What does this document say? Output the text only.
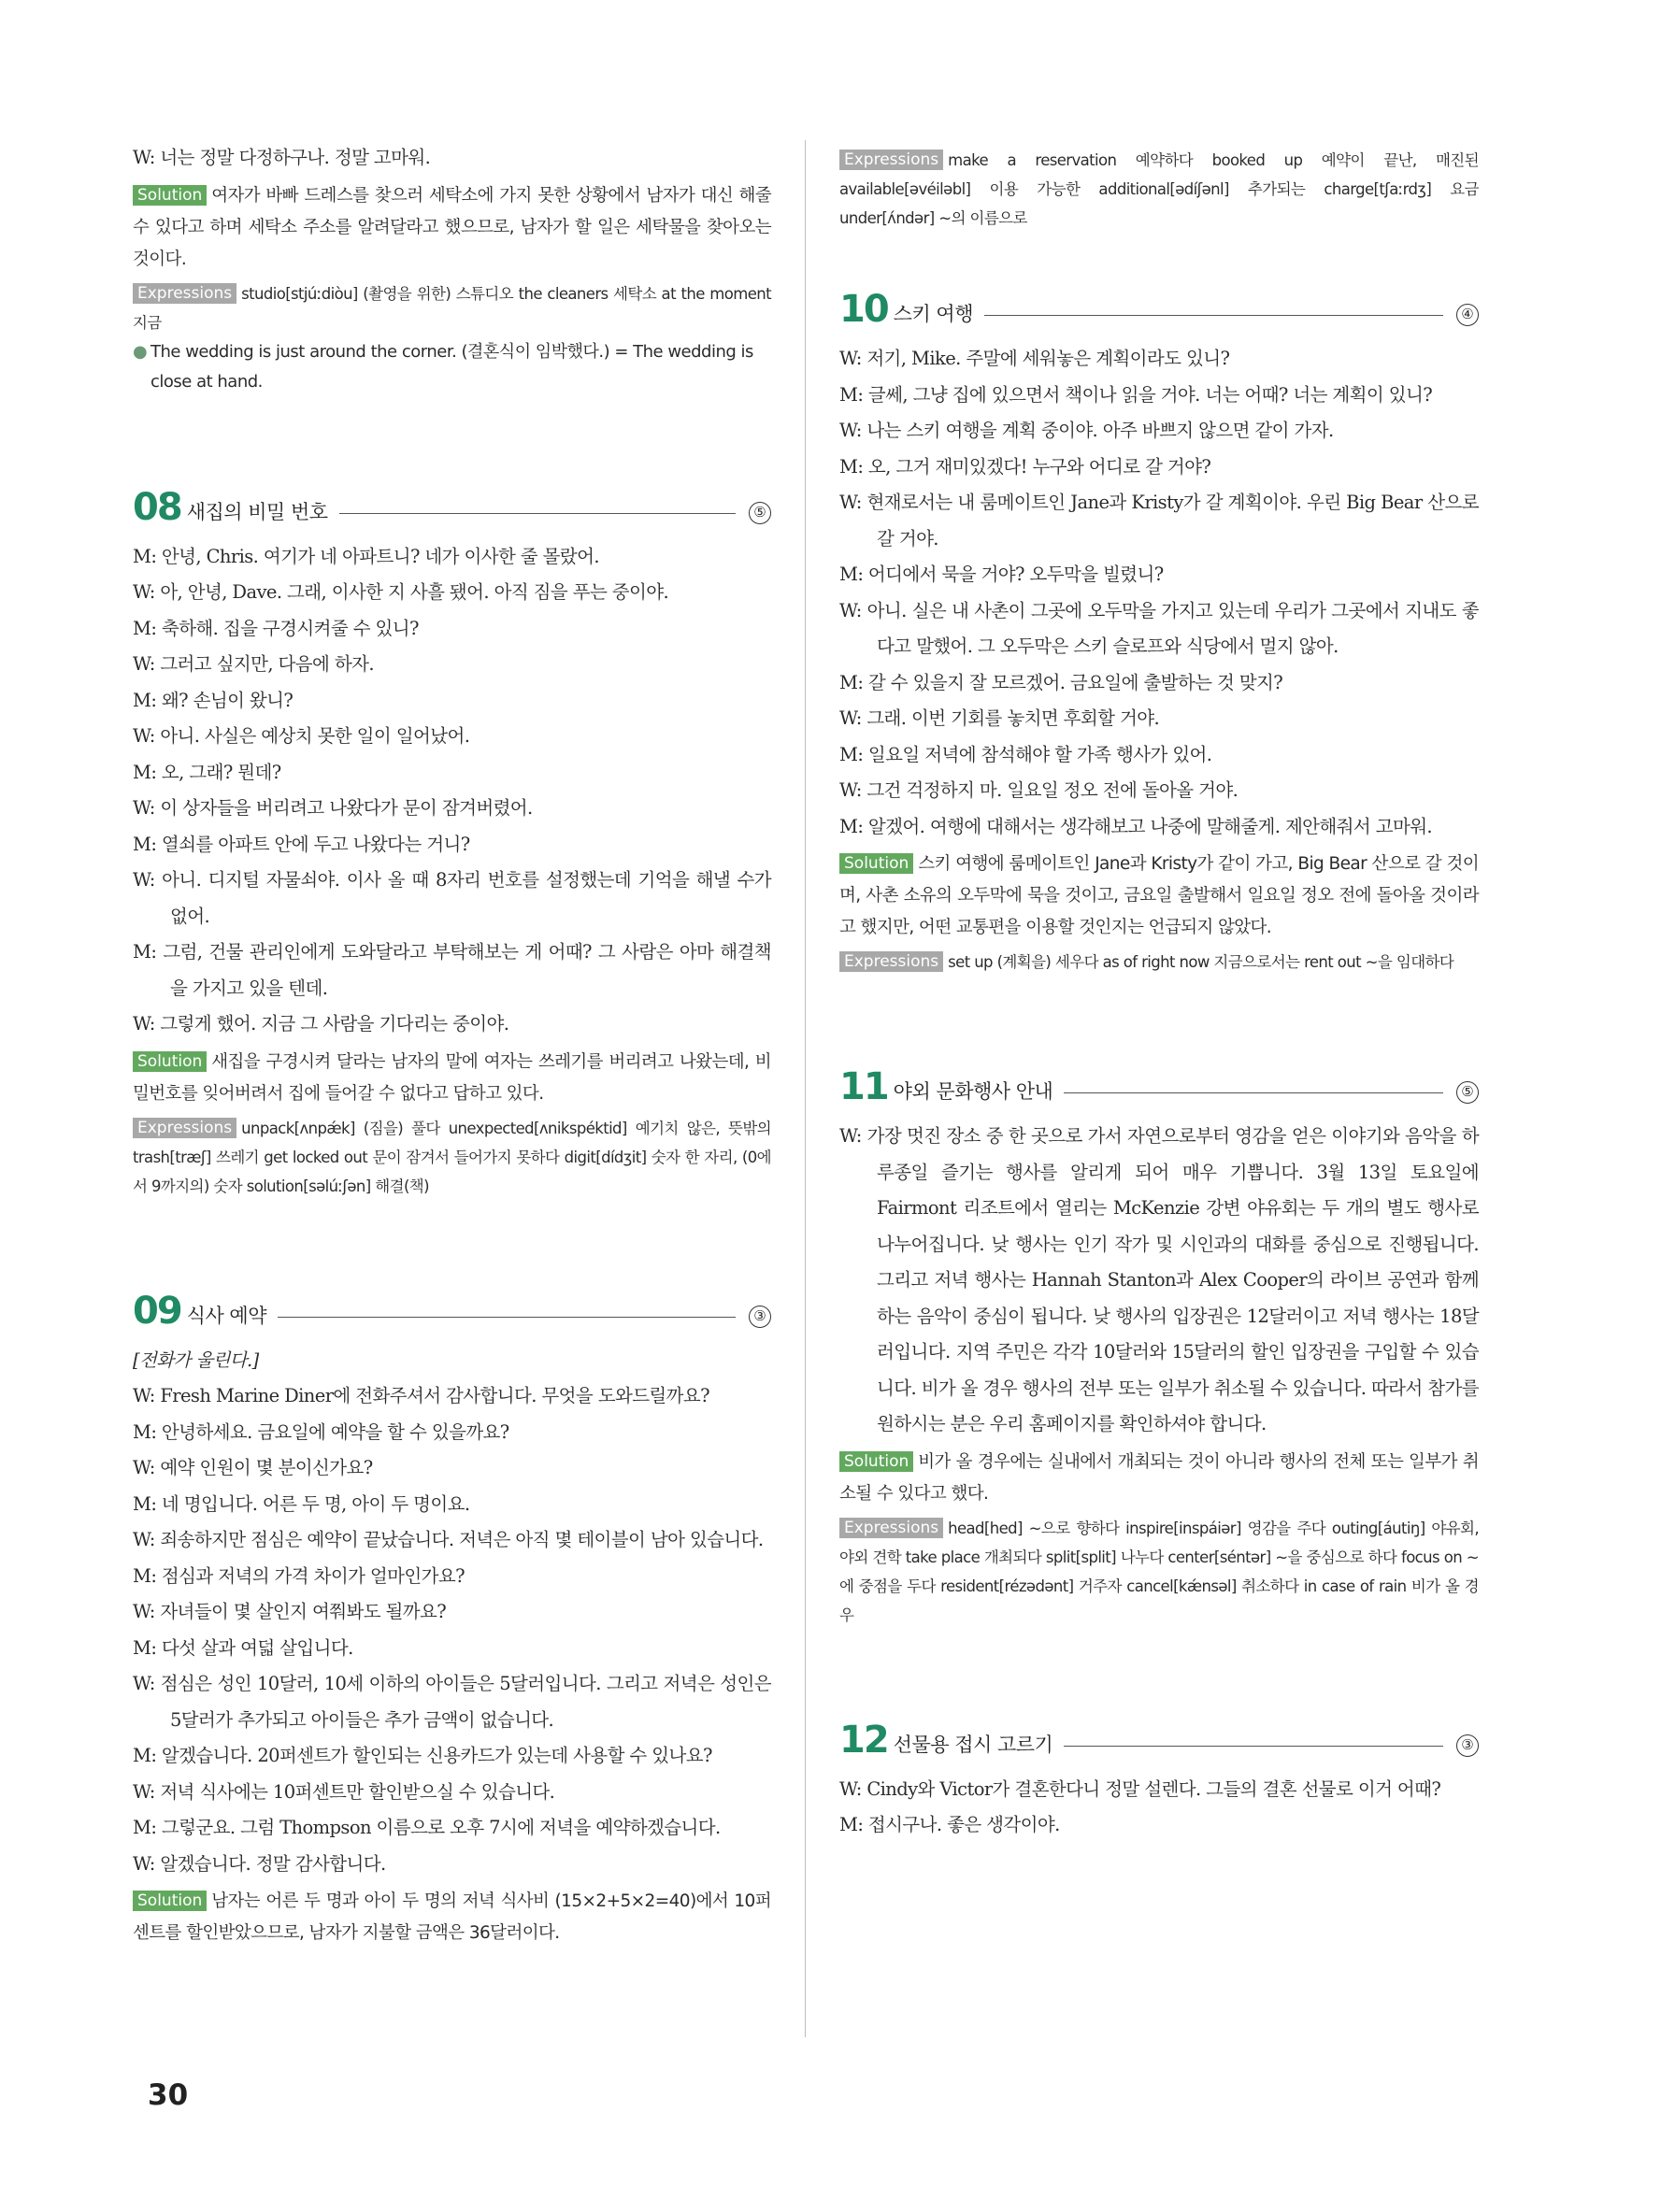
W: 너는 정말 다정하구나. 정말 고마워.
Solution 여자가 바빠 드레스를 찾으러 세탁소에 가지 못한 상황에서 남자가 대신 해줄 수 있다고 하며 세탁소 주소를 알려달라고 했으므로, 남자가 할 일은 세탁물을 찾아오는 것이다.
Expressions studio[stjúːdiòu] (촬영을 위한) 스튜디오 the cleaners 세탁소 at the moment 지금
● The wedding is just around the corner. (결혼식이 임박했다.) = The wedding is close at hand.
08 새집의 비밀 번호	⑤
M: 안녕, Chris. 여기가 네 아파트니? 네가 이사한 줄 몰랐어.
W: 아, 안녕, Dave. 그래, 이사한 지 사흘 됐어. 아직 짐을 푸는 중이야.
M: 축하해. 집을 구경시켜줄 수 있니?
W: 그러고 싶지만, 다음에 하자.
M: 왜? 손님이 왔니?
W: 아니. 사실은 예상치 못한 일이 일어났어.
M: 오, 그래? 뭔데?
W: 이 상자들을 버리려고 나왔다가 문이 잠겨버렸어.
M: 열쇠를 아파트 안에 두고 나왔다는 거니?
W: 아니. 디지털 자물쇠야. 이사 올 때 8자리 번호를 설정했는데 기억을 해낼 수가 없어.
M: 그럼, 건물 관리인에게 도와달라고 부탁해보는 게 어때? 그 사람은 아마 해결책을 가지고 있을 텐데.
W: 그렇게 했어. 지금 그 사람을 기다리는 중이야.
Solution 새집을 구경시켜 달라는 남자의 말에 여자는 쓰레기를 버리려고 나왔는데, 비밀번호를 잊어버려서 집에 들어갈 수 없다고 답하고 있다.
Expressions unpack[ʌnpǽk] (짐을) 풀다 unexpected[ʌnikspéktid] 예기치 않은, 뜻밖의 trash[træʃ] 쓰레기 get locked out 문이 잠겨서 들어가지 못하다 digit[dídʒit] 숫자 한 자리, (0에서 9까지의) 숫자 solution[səlúːʃən] 해결(책)
09 식사 예약	③
[전화가 울린다.]
W: Fresh Marine Diner에 전화주셔서 감사합니다. 무엇을 도와드릴까요?
M: 안녕하세요. 금요일에 예약을 할 수 있을까요?
W: 예약 인원이 몇 분이신가요?
M: 네 명입니다. 어른 두 명, 아이 두 명이요.
W: 죄송하지만 점심은 예약이 끝났습니다. 저녁은 아직 몇 테이블이 남아 있습니다.
M: 점심과 저녁의 가격 차이가 얼마인가요?
W: 자녀들이 몇 살인지 여쭤봐도 될까요?
M: 다섯 살과 여덟 살입니다.
W: 점심은 성인 10달러, 10세 이하의 아이들은 5달러입니다. 그리고 저녁은 성인은 5달러가 추가되고 아이들은 추가 금액이 없습니다.
M: 알겠습니다. 20퍼센트가 할인되는 신용카드가 있는데 사용할 수 있나요?
W: 저녁 식사에는 10퍼센트만 할인받으실 수 있습니다.
M: 그렇군요. 그럼 Thompson 이름으로 오후 7시에 저녁을 예약하겠습니다.
W: 알겠습니다. 정말 감사합니다.
Solution 남자는 어른 두 명과 아이 두 명의 저녁 식사비 (15×2+5×2=40)에서 10퍼센트를 할인받았으므로, 남자가 지불할 금액은 36달러이다.
Expressions make a reservation 예약하다 booked up 예약이 끝난, 매진된 available[əvéiləbl] 이용 가능한 additional[ədíʃənl] 추가되는 charge[tʃaːrdʒ] 요금 under[ʌ́ndər] ~의 이름으로
10 스키 여행	④
W: 저기, Mike. 주말에 세워놓은 계획이라도 있니?
M: 글쎄, 그냥 집에 있으면서 책이나 읽을 거야. 너는 어때? 너는 계획이 있니?
W: 나는 스키 여행을 계획 중이야. 아주 바쁘지 않으면 같이 가자.
M: 오, 그거 재미있겠다! 누구와 어디로 갈 거야?
W: 현재로서는 내 룸메이트인 Jane과 Kristy가 갈 계획이야. 우린 Big Bear 산으로 갈 거야.
M: 어디에서 묵을 거야? 오두막을 빌렸니?
W: 아니. 실은 내 사촌이 그곳에 오두막을 가지고 있는데 우리가 그곳에서 지내도 좋다고 말했어. 그 오두막은 스키 슬로프와 식당에서 멀지 않아.
M: 갈 수 있을지 잘 모르겠어. 금요일에 출발하는 것 맞지?
W: 그래. 이번 기회를 놓치면 후회할 거야.
M: 일요일 저녁에 참석해야 할 가족 행사가 있어.
W: 그건 걱정하지 마. 일요일 정오 전에 돌아올 거야.
M: 알겠어. 여행에 대해서는 생각해보고 나중에 말해줄게. 제안해줘서 고마워.
Solution 스키 여행에 룸메이트인 Jane과 Kristy가 같이 가고, Big Bear 산으로 갈 것이며, 사촌 소유의 오두막에 묵을 것이고, 금요일 출발해서 일요일 정오 전에 돌아올 것이라고 했지만, 어떤 교통편을 이용할 것인지는 언급되지 않았다.
Expressions set up (계획을) 세우다 as of right now 지금으로서는 rent out ~을 임대하다
11 야외 문화행사 안내	⑤
W: 가장 멋진 장소 중 한 곳으로 가서 자연으로부터 영감을 얻은 이야기와 음악을 하루종일 즐기는 행사를 알리게 되어 매우 기쁩니다. 3월 13일 토요일에 Fairmont 리조트에서 열리는 McKenzie 강변 야유회는 두 개의 별도 행사로 나누어집니다. 낮 행사는 인기 작가 및 시인과의 대화를 중심으로 진행됩니다. 그리고 저녁 행사는 Hannah Stanton과 Alex Cooper의 라이브 공연과 함께하는 음악이 중심이 됩니다. 낮 행사의 입장권은 12달러이고 저녁 행사는 18달러입니다. 지역 주민은 각각 10달러와 15달러의 할인 입장권을 구입할 수 있습니다. 비가 올 경우 행사의 전부 또는 일부가 취소될 수 있습니다. 따라서 참가를 원하시는 분은 우리 홈페이지를 확인하셔야 합니다.
Solution 비가 올 경우에는 실내에서 개최되는 것이 아니라 행사의 전체 또는 일부가 취소될 수 있다고 했다.
Expressions head[hed] ~으로 향하다 inspire[inspáiər] 영감을 주다 outing[áutiŋ] 야유회, 야외 견학 take place 개최되다 split[split] 나누다 center[séntər] ~을 중심으로 하다 focus on ~에 중점을 두다 resident[rézədənt] 거주자 cancel[kǽnsəl] 취소하다 in case of rain 비가 올 경우
12 선물용 접시 고르기	③
W: Cindy와 Victor가 결혼한다니 정말 설렌다. 그들의 결혼 선물로 이거 어때?
M: 접시구나. 좋은 생각이야.
30
